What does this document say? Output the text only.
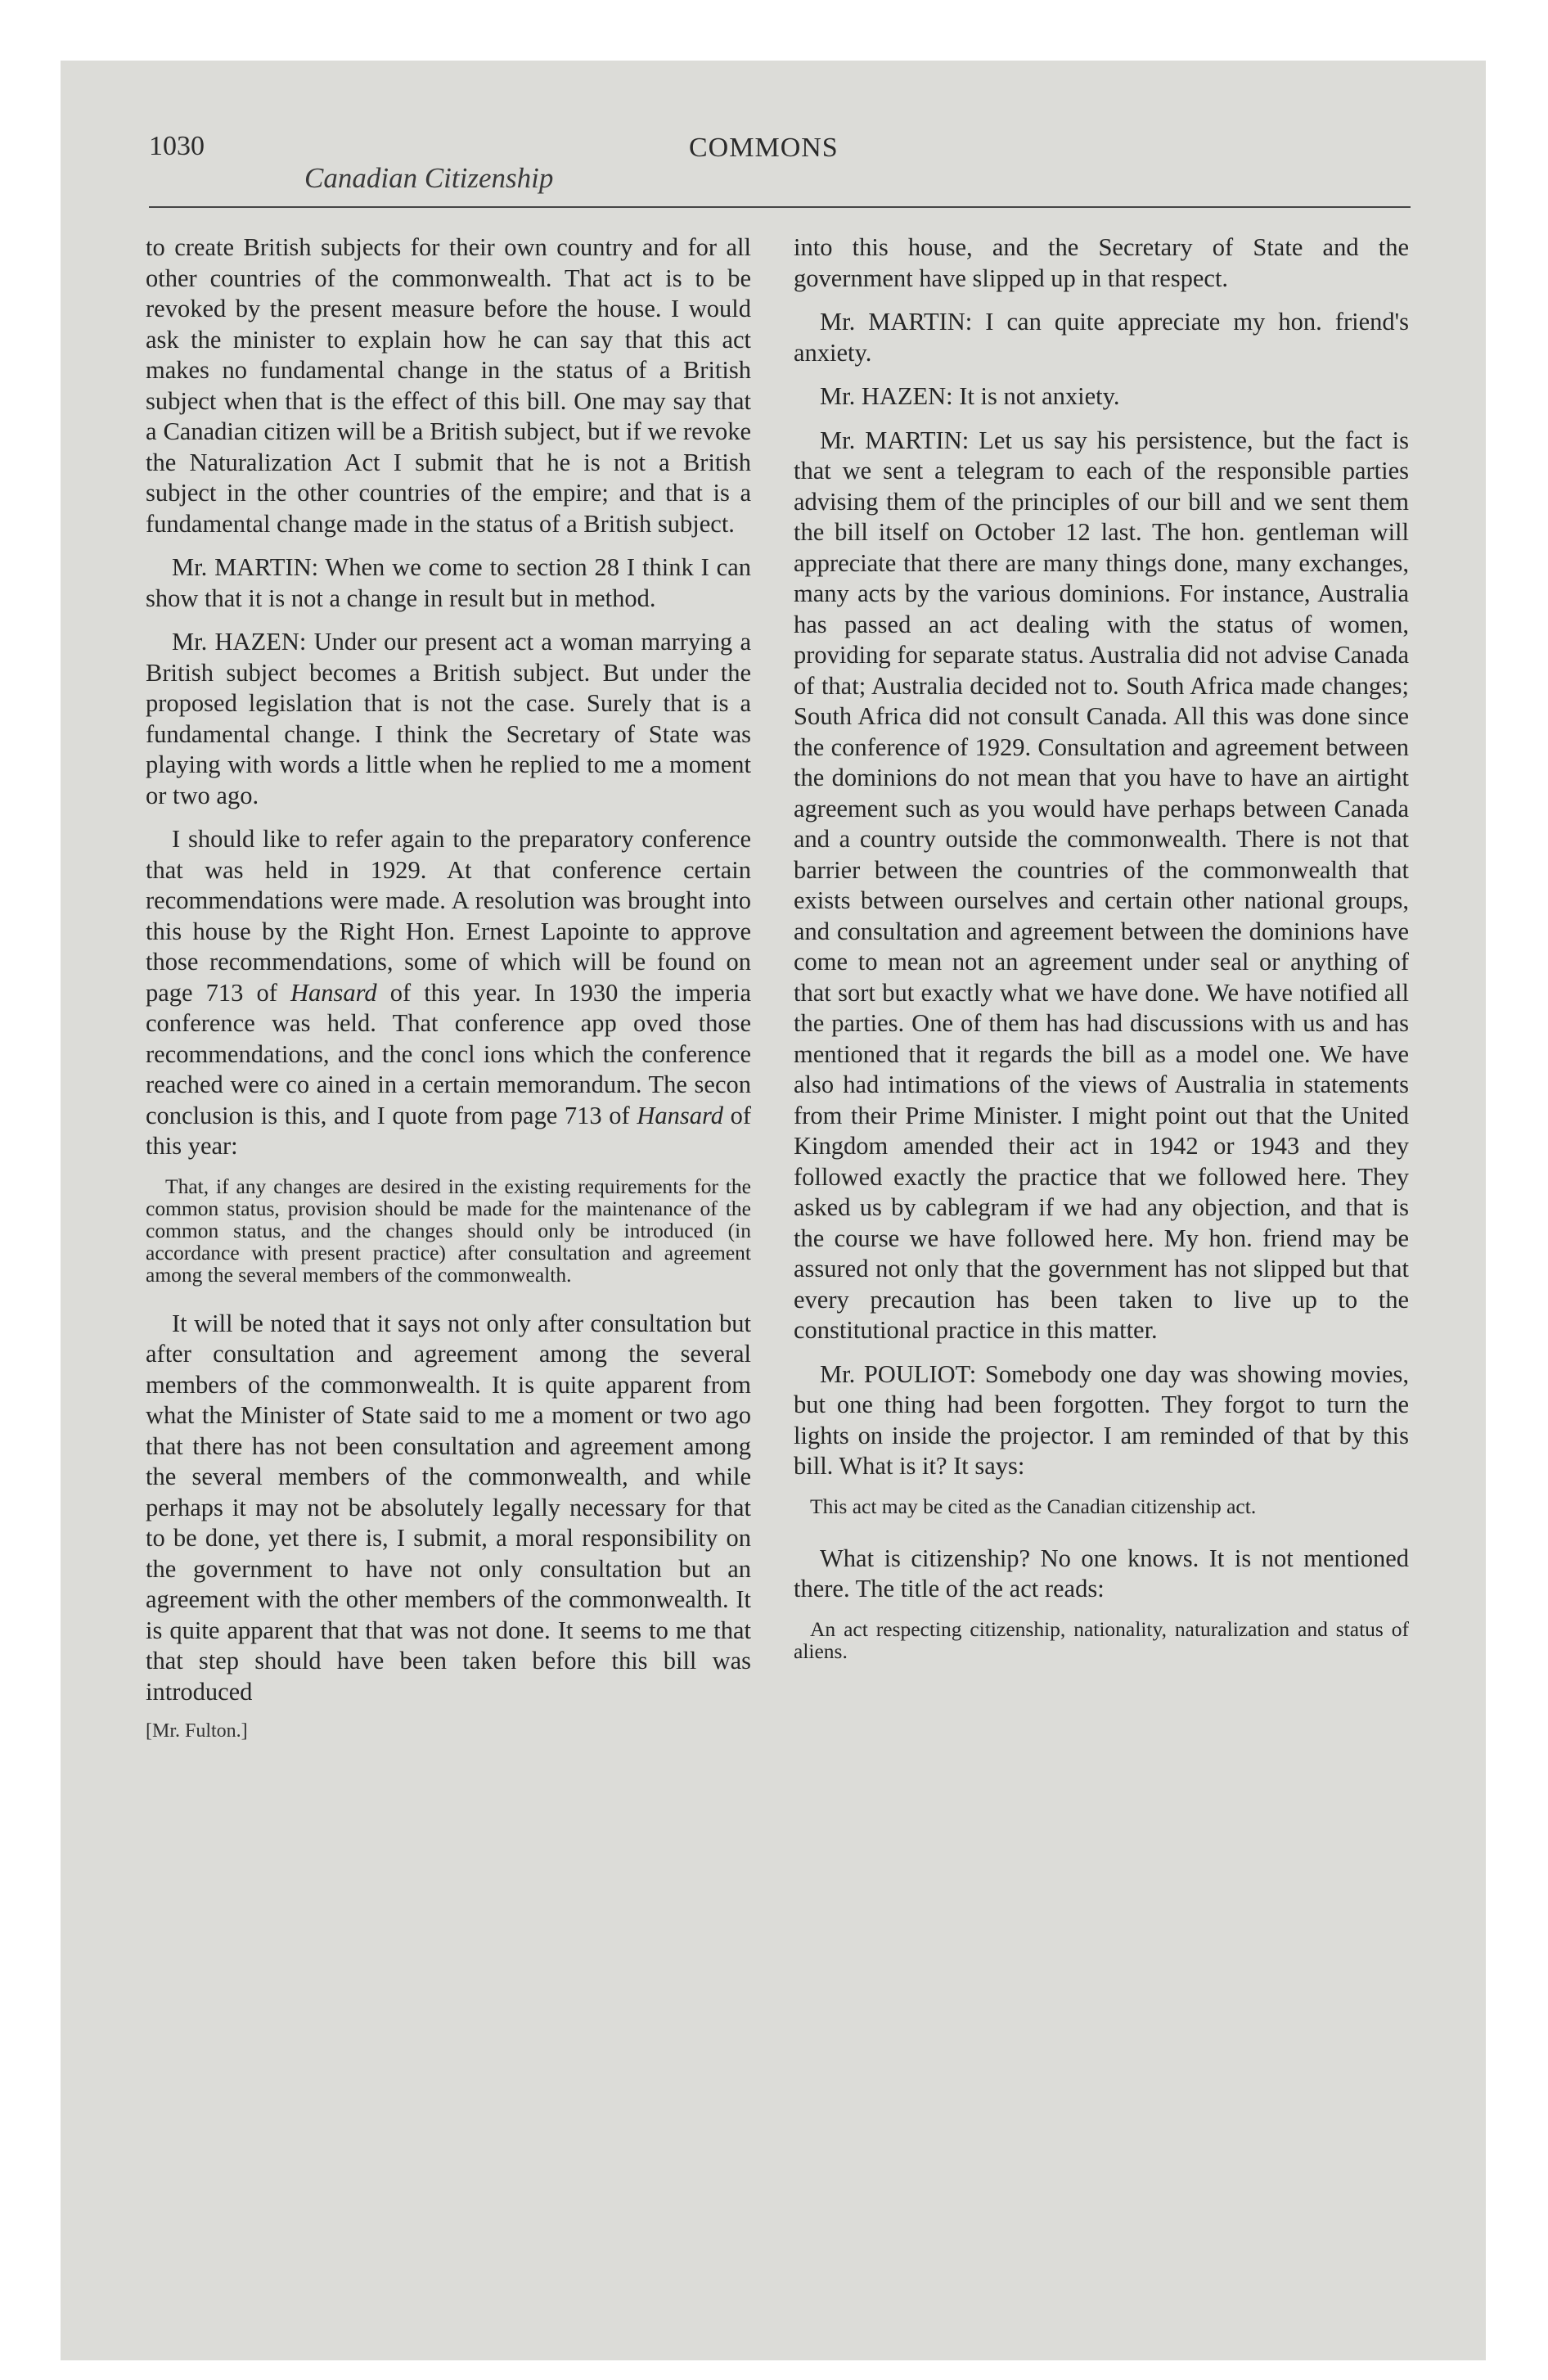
1030
Canadian Citizenship
COMMONS

to create British subjects for their own country and for all other countries of the commonwealth. That act is to be revoked by the present measure before the house. I would ask the minister to explain how he can say that this act makes no fundamental change in the status of a British subject when that is the effect of this bill. One may say that a Canadian citizen will be a British subject, but if we revoke the Naturalization Act I submit that he is not a British subject in the other countries of the empire; and that is a fundamental change made in the status of a British subject.

Mr. MARTIN: When we come to section 28 I think I can show that it is not a change in result but in method.

Mr. HAZEN: Under our present act a woman marrying a British subject becomes a British subject. But under the proposed legislation that is not the case. Surely that is a fundamental change. I think the Secretary of State was playing with words a little when he replied to me a moment or two ago.

I should like to refer again to the preparatory conference that was held in 1929. At that conference certain recommendations were made. A resolution was brought into this house by the Right Hon. Ernest Lapointe to approve those recommendations, some of which will be found on page 713 of Hansard of this year. In 1930 the imperia conference was held. That conference app oved those recommendations, and the concl ions which the conference reached were co ained in a certain memorandum. The secon conclusion is this, and I quote from page 713 of Hansard of this year:

That, if any changes are desired in the existing requirements for the common status, provision should be made for the maintenance of the common status, and the changes should only be introduced (in accordance with present practice) after consultation and agreement among the several members of the commonwealth.

It will be noted that it says not only after consultation but after consultation and agreement among the several members of the commonwealth. It is quite apparent from what the Minister of State said to me a moment or two ago that there has not been consultation and agreement among the several members of the commonwealth, and while perhaps it may not be absolutely legally necessary for that to be done, yet there is, I submit, a moral responsibility on the government to have not only consultation but an agreement with the other members of the commonwealth. It is quite apparent that that was not done. It seems to me that that step should have been taken before this bill was introduced

[Mr. Fulton.]

into this house, and the Secretary of State and the government have slipped up in that respect.

Mr. MARTIN: I can quite appreciate my hon. friend's anxiety.

Mr. HAZEN: It is not anxiety.

Mr. MARTIN: Let us say his persistence, but the fact is that we sent a telegram to each of the responsible parties advising them of the principles of our bill and we sent them the bill itself on October 12 last. The hon. gentleman will appreciate that there are many things done, many exchanges, many acts by the various dominions. For instance, Australia has passed an act dealing with the status of women, providing for separate status. Australia did not advise Canada of that; Australia decided not to. South Africa made changes; South Africa did not consult Canada. All this was done since the conference of 1929. Consultation and agreement between the dominions do not mean that you have to have an airtight agreement such as you would have perhaps between Canada and a country outside the commonwealth. There is not that barrier between the countries of the commonwealth that exists between ourselves and certain other national groups, and consultation and agreement between the dominions have come to mean not an agreement under seal or anything of that sort but exactly what we have done. We have notified all the parties. One of them has had discussions with us and has mentioned that it regards the bill as a model one. We have also had intimations of the views of Australia in statements from their Prime Minister. I might point out that the United Kingdom amended their act in 1942 or 1943 and they followed exactly the practice that we followed here. They asked us by cablegram if we had any objection, and that is the course we have followed here. My hon. friend may be assured not only that the government has not slipped but that every precaution has been taken to live up to the constitutional practice in this matter.

Mr. POULIOT: Somebody one day was showing movies, but one thing had been forgotten. They forgot to turn the lights on inside the projector. I am reminded of that by this bill. What is it? It says:

This act may be cited as the Canadian citizenship act.

What is citizenship? No one knows. It is not mentioned there. The title of the act reads:

An act respecting citizenship, nationality, naturalization and status of aliens.
